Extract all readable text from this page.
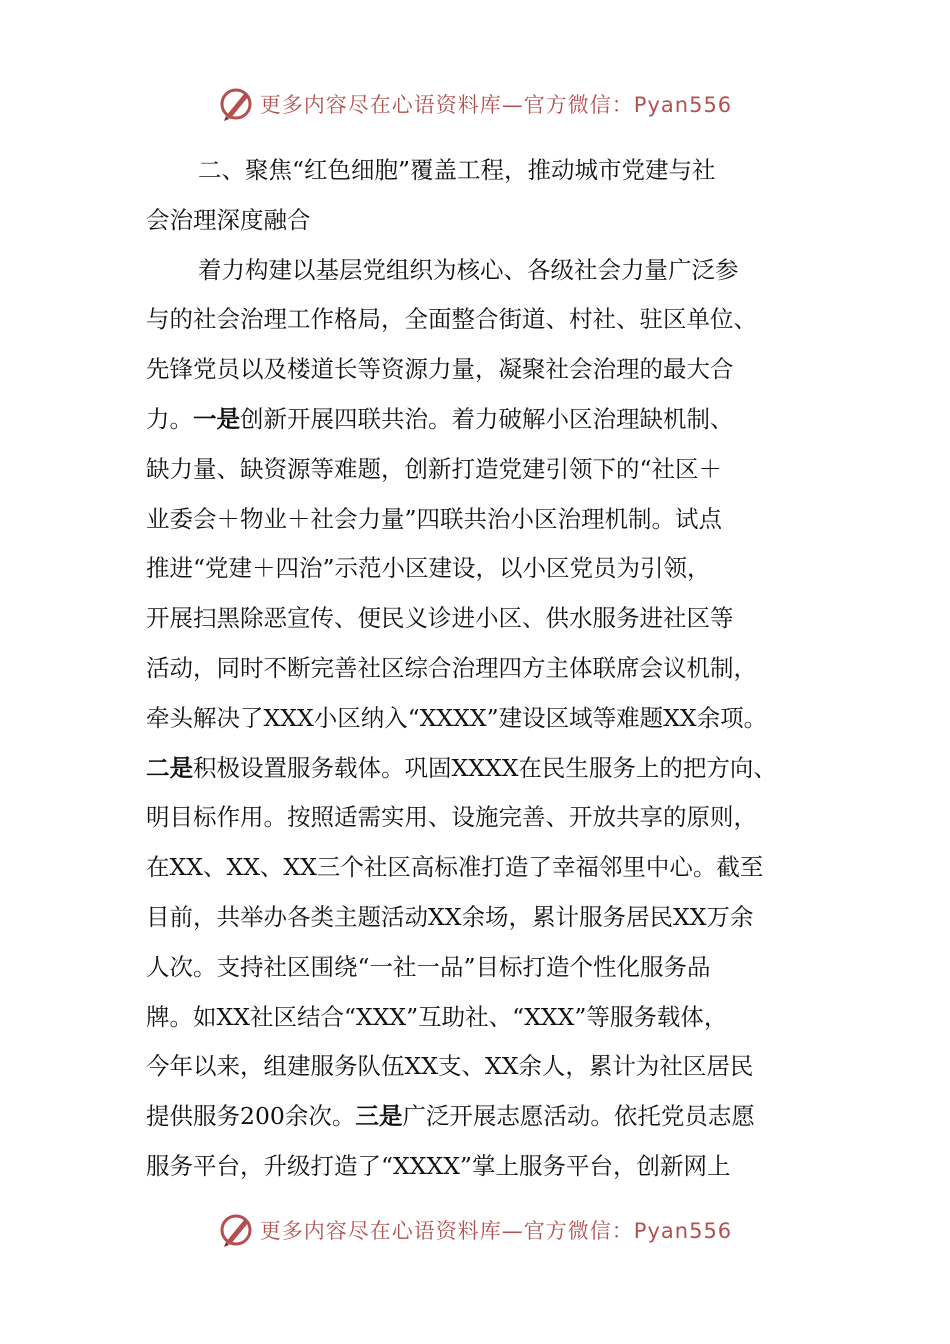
更多内容尽在心语资料库—官方微信：Pyan556
二、聚焦“红色细胞”覆盖工程，推动城市党建与社
会治理深度融合
着力构建以基层党组织为核心、各级社会力量广泛参
与的社会治理工作格局，全面整合街道、村社、驻区单位、
先锋党员以及楼道长等资源力量，凝聚社会治理的最大合
力。一是创新开展四联共治。着力破解小区治理缺机制、
缺力量、缺资源等难题，创新打造党建引领下的“社区＋
业委会＋物业＋社会力量”四联共治小区治理机制。试点
推进“党建＋四治”示范小区建设，以小区党员为引领，
开展扫黑除恶宣传、便民义诊进小区、供水服务进社区等
活动，同时不断完善社区综合治理四方主体联席会议机制，
牵头解决了XXX小区纳入“XXXX”建设区域等难题XX余项。
二是积极设置服务载体。巩固XXXX在民生服务上的把方向、
明目标作用。按照适需实用、设施完善、开放共享的原则，
在XX、XX、XX三个社区高标准打造了幸福邻里中心。截至
目前，共举办各类主题活动XX余场，累计服务居民XX万余
人次。支持社区围绕“一社一品”目标打造个性化服务品
牌。如XX社区结合“XXX”互助社、“XXX”等服务载体，
今年以来，组建服务队伍XX支、XX余人，累计为社区居民
提供服务200余次。三是广泛开展志愿活动。依托党员志愿
服务平台，升级打造了“XXXX”掌上服务平台，创新网上
更多内容尽在心语资料库—官方微信：Pyan556
